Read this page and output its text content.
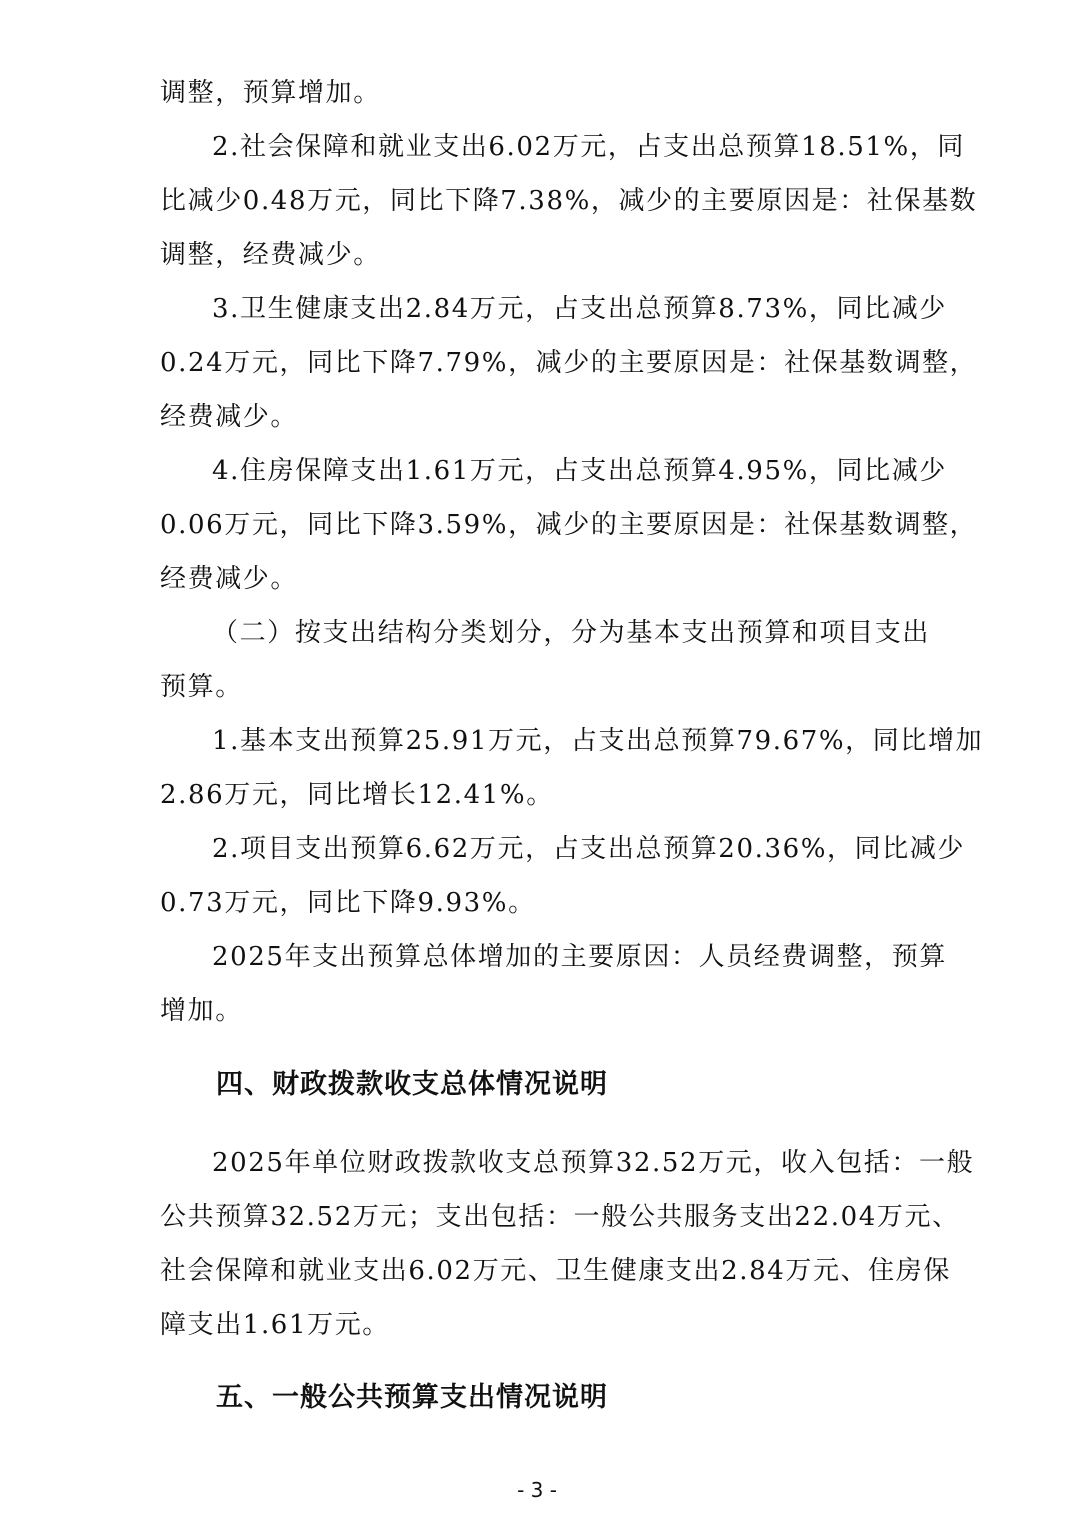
调整，预算增加。
2.社会保障和就业支出6.02万元，占支出总预算18.51%，同
比减少0.48万元，同比下降7.38%，减少的主要原因是：社保基数
调整，经费减少。
3.卫生健康支出2.84万元，占支出总预算8.73%，同比减少
0.24万元，同比下降7.79%，减少的主要原因是：社保基数调整，
经费减少。
4.住房保障支出1.61万元，占支出总预算4.95%，同比减少
0.06万元，同比下降3.59%，减少的主要原因是：社保基数调整，
经费减少。
（二）按支出结构分类划分，分为基本支出预算和项目支出
预算。
1.基本支出预算25.91万元，占支出总预算79.67%，同比增加
2.86万元，同比增长12.41%。
2.项目支出预算6.62万元，占支出总预算20.36%，同比减少
0.73万元，同比下降9.93%。
2025年支出预算总体增加的主要原因：人员经费调整，预算
增加。
四、财政拨款收支总体情况说明
2025年单位财政拨款收支总预算32.52万元，收入包括：一般
公共预算32.52万元；支出包括：一般公共服务支出22.04万元、
社会保障和就业支出6.02万元、卫生健康支出2.84万元、住房保
障支出1.61万元。
五、一般公共预算支出情况说明
- 3 -
